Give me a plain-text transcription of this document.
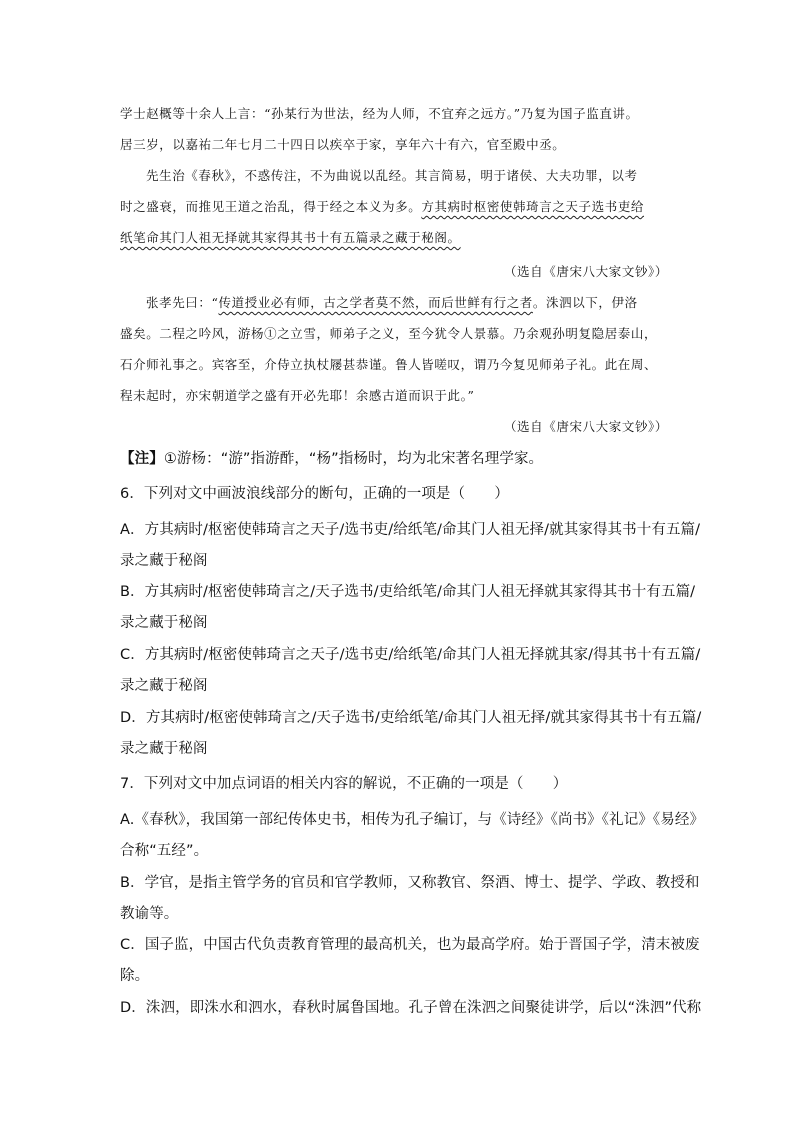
学士赵概等十余人上言：“孙某行为世法，经为人师，不宜弃之远方。”乃复为国子监直讲。
居三岁，以嘉祐二年七月二十四日以疾卒于家，享年六十有六，官至殿中丞。
先生治《春秋》，不惑传注，不为曲说以乱经。其言简易，明于诸侯、大夫功罪，以考
时之盛衰，而推见王道之治乱，得于经之本义为多。方其病时枢密使韩琦言之天子选书吏给
纸笔命其门人祖无择就其家得其书十有五篇录之藏于秘阁。
（选自《唐宋八大家文钞》）
张孝先曰：“传道授业必有师，古之学者莫不然，而后世鲜有行之者。洙泗以下，伊洛
盛矣。二程之吟风，游杨①之立雪，师弟子之义，至今犹令人景慕。乃余观孙明复隐居泰山，
石介师礼事之。宾客至，介侍立执杖屦甚恭谨。鲁人皆嗟叹，谓乃今复见师弟子礼。此在周、
程未起时，亦宋朝道学之盛有开必先耶！余感古道而识于此。”
（选自《唐宋八大家文钞》）
【注】①游杨：“游”指游酢，“杨”指杨时，均为北宋著名理学家。
6．下列对文中画波浪线部分的断句，正确的一项是（　　）
A．方其病时/枢密使韩琦言之天子/选书吏/给纸笔/命其门人祖无择/就其家得其书十有五篇/
录之藏于秘阁
B．方其病时/枢密使韩琦言之/天子选书/吏给纸笔/命其门人祖无择就其家得其书十有五篇/
录之藏于秘阁
C．方其病时/枢密使韩琦言之天子/选书吏/给纸笔/命其门人祖无择就其家/得其书十有五篇/
录之藏于秘阁
D．方其病时/枢密使韩琦言之/天子选书/吏给纸笔/命其门人祖无择/就其家得其书十有五篇/
录之藏于秘阁
7．下列对文中加点词语的相关内容的解说，不正确的一项是（　　）
A.《春秋》，我国第一部纪传体史书，相传为孔子编订，与《诗经》《尚书》《礼记》《易经》
合称“五经”。
B．学官，是指主管学务的官员和官学教师，又称教官、祭酒、博士、提学、学政、教授和
教谕等。
C．国子监，中国古代负责教育管理的最高机关，也为最高学府。始于晋国子学，清末被废
除。
D．洙泗，即洙水和泗水，春秋时属鲁国地。孔子曾在洙泗之间聚徒讲学，后以“洙泗”代称
